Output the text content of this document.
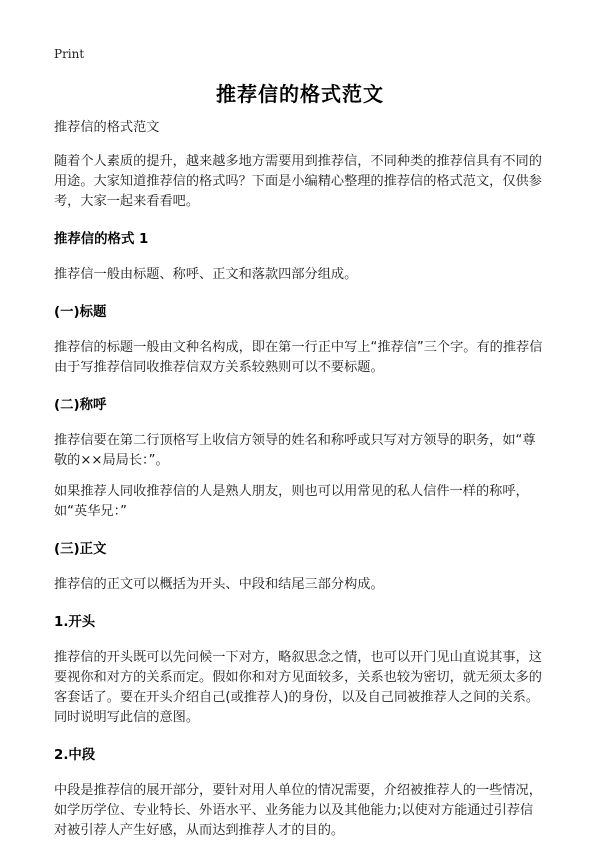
Print
推荐信的格式范文

推荐信的格式范文

随着个人素质的提升，越来越多地方需要用到推荐信，不同种类的推荐信具有不同的用途。大家知道推荐信的格式吗？下面是小编精心整理的推荐信的格式范文，仅供参考，大家一起来看看吧。

推荐信的格式 1

推荐信一般由标题、称呼、正文和落款四部分组成。

(一)标题

推荐信的标题一般由文种名构成，即在第一行正中写上“推荐信”三个字。有的推荐信由于写推荐信同收推荐信双方关系较熟则可以不要标题。

(二)称呼

推荐信要在第二行顶格写上收信方领导的姓名和称呼或只写对方领导的职务，如“尊敬的××局局长：”。

如果推荐人同收推荐信的人是熟人朋友，则也可以用常见的私人信件一样的称呼，如“英华兄：”

(三)正文

推荐信的正文可以概括为开头、中段和结尾三部分构成。

1.开头

推荐信的开头既可以先问候一下对方，略叙思念之情，也可以开门见山直说其事，这要视你和对方的关系而定。假如你和对方见面较多，关系也较为密切，就无须太多的客套话了。要在开头介绍自己(或推荐人)的身份，以及自己同被推荐人之间的关系。同时说明写此信的意图。

2.中段

中段是推荐信的展开部分，要针对用人单位的情况需要，介绍被推荐人的一些情况，如学历学位、专业特长、外语水平、业务能力以及其他能力;以使对方能通过引荐信对被引荐人产生好感，从而达到推荐人才的目的。
